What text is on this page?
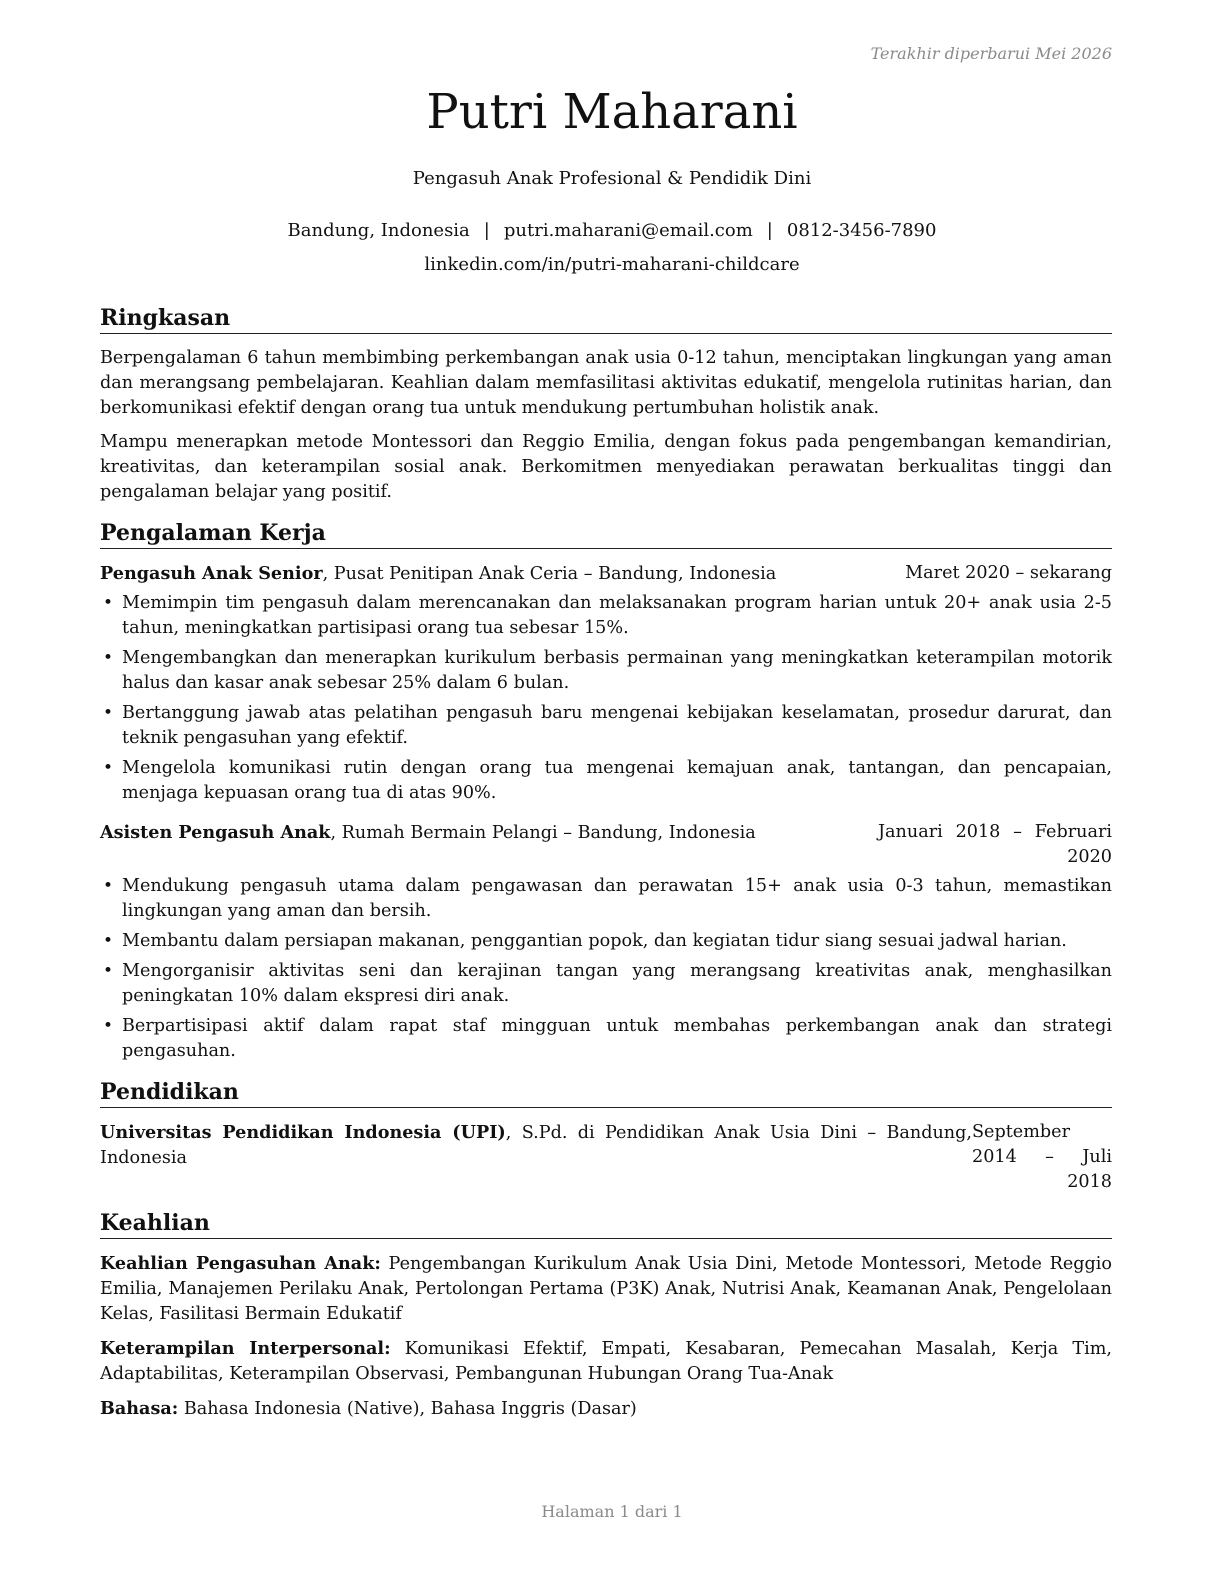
Terakhir diperbarui Mei 2026
Putri Maharani
Pengasuh Anak Profesional & Pendidik Dini
Bandung, Indonesia | putri.maharani@email.com | 0812-3456-7890
linkedin.com/in/putri-maharani-childcare
Ringkasan

Berpengalaman 6 tahun membimbing perkembangan anak usia 0-12 tahun, menciptakan lingkungan yang aman dan merangsang pembelajaran. Keahlian dalam memfasilitasi aktivitas edukatif, mengelola rutinitas harian, dan berkomunikasi efektif dengan orang tua untuk mendukung pertumbuhan holistik anak.

Mampu menerapkan metode Montessori dan Reggio Emilia, dengan fokus pada pengembangan kemandirian, kreativitas, dan keterampilan sosial anak. Berkomitmen menyediakan perawatan berkualitas tinggi dan pengalaman belajar yang positif.

Pengalaman Kerja
Pengasuh Anak Senior, Pusat Penitipan Anak Ceria – Bandung, Indonesia	Maret 2020 – sekarang
• Memimpin tim pengasuh dalam merencanakan dan melaksanakan program harian untuk 20+ anak usia 2-5 tahun, meningkatkan partisipasi orang tua sebesar 15%.
• Mengembangkan dan menerapkan kurikulum berbasis permainan yang meningkatkan keterampilan motorik halus dan kasar anak sebesar 25% dalam 6 bulan.
• Bertanggung jawab atas pelatihan pengasuh baru mengenai kebijakan keselamatan, prosedur darurat, dan teknik pengasuhan yang efektif.
• Mengelola komunikasi rutin dengan orang tua mengenai kemajuan anak, tantangan, dan pencapaian, menjaga kepuasan orang tua di atas 90%.
Asisten Pengasuh Anak, Rumah Bermain Pelangi – Bandung, Indonesia	Januari 2018 – Februari 2020
• Mendukung pengasuh utama dalam pengawasan dan perawatan 15+ anak usia 0-3 tahun, memastikan lingkungan yang aman dan bersih.
• Membantu dalam persiapan makanan, penggantian popok, dan kegiatan tidur siang sesuai jadwal harian.
• Mengorganisir aktivitas seni dan kerajinan tangan yang merangsang kreativitas anak, menghasilkan peningkatan 10% dalam ekspresi diri anak.
• Berpartisipasi aktif dalam rapat staf mingguan untuk membahas perkembangan anak dan strategi pengasuhan.
Pendidikan
Universitas Pendidikan Indonesia (UPI), S.Pd. di Pendidikan Anak Usia Dini – Bandung, Indonesia
September 2014 – Juli 2018
Keahlian
Keahlian Pengasuhan Anak: Pengembangan Kurikulum Anak Usia Dini, Metode Montessori, Metode Reggio Emilia, Manajemen Perilaku Anak, Pertolongan Pertama (P3K) Anak, Nutrisi Anak, Keamanan Anak, Pengelolaan Kelas, Fasilitasi Bermain Edukatif
Keterampilan Interpersonal: Komunikasi Efektif, Empati, Kesabaran, Pemecahan Masalah, Kerja Tim, Adaptabilitas, Keterampilan Observasi, Pembangunan Hubungan Orang Tua-Anak
Bahasa: Bahasa Indonesia (Native), Bahasa Inggris (Dasar)
Halaman 1 dari 1
